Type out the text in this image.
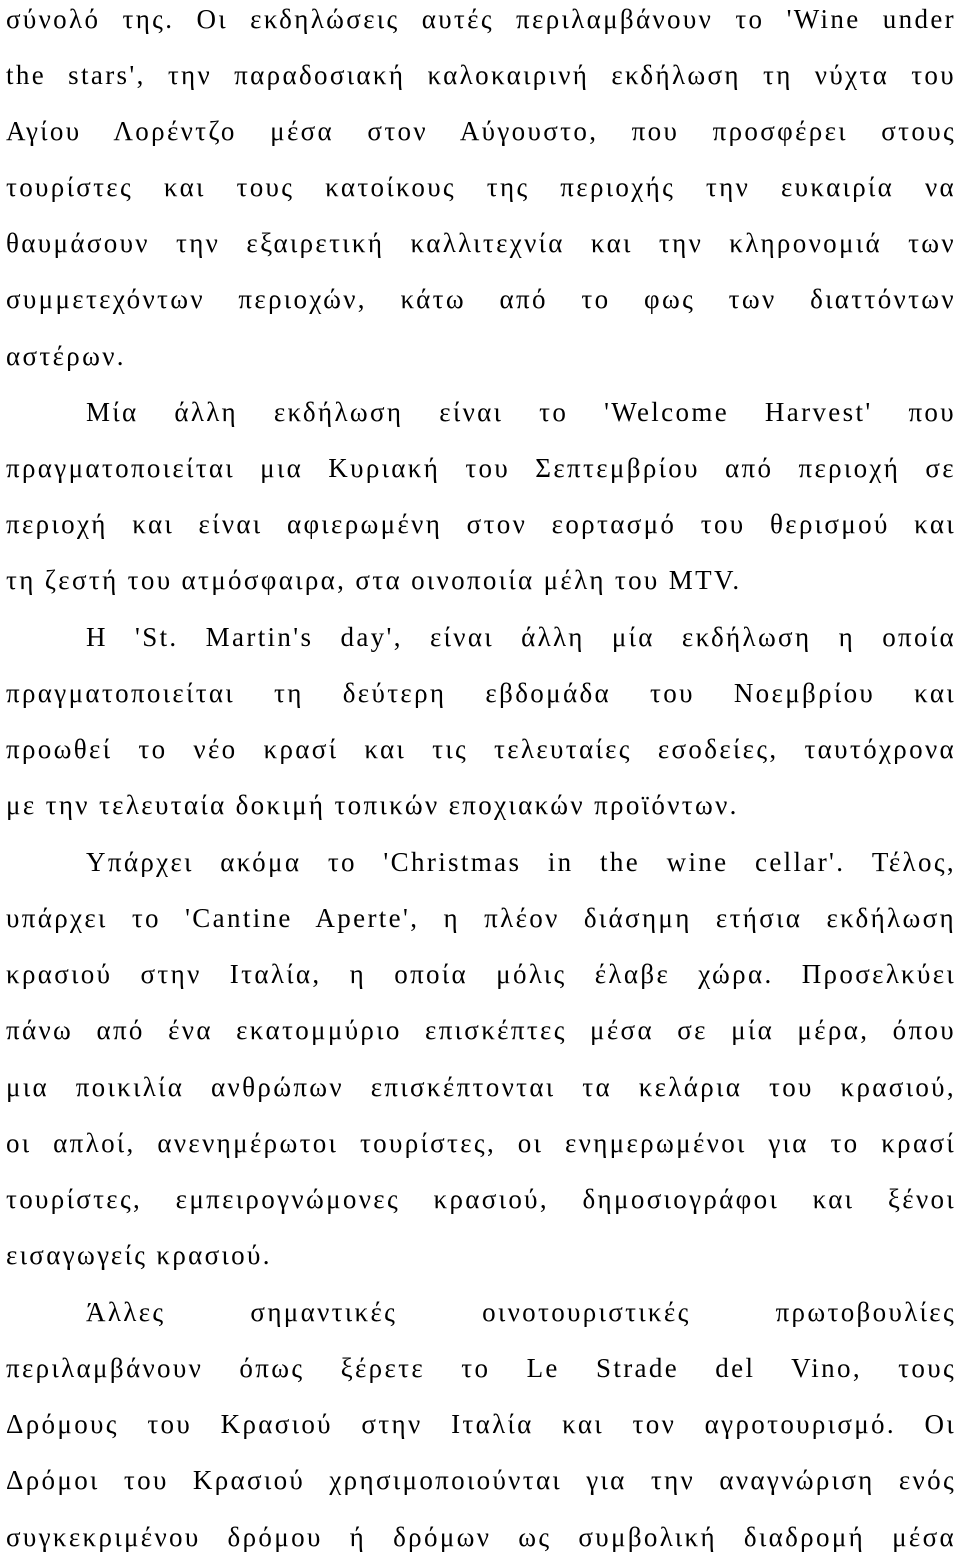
σύνολό της. Οι εκδηλώσεις αυτές περιλαμβάνουν το 'Wine under
the stars', την παραδοσιακή καλοκαιρινή εκδήλωση τη νύχτα του
Αγίου Λορέντζο μέσα στον Αύγουστο, που προσφέρει στους
τουρίστες και τους κατοίκους της περιοχής την ευκαιρία να
θαυμάσουν την εξαιρετική καλλιτεχνία και την κληρονομιά των
συμμετεχόντων περιοχών, κάτω από το φως των διαττόντων
αστέρων.
Μία άλλη εκδήλωση είναι το 'Welcome Harvest' που
πραγματοποιείται μια Κυριακή του Σεπτεμβρίου από περιοχή σε
περιοχή και είναι αφιερωμένη στον εορτασμό του θερισμού και
τη ζεστή του ατμόσφαιρα, στα οινοποιία μέλη του MTV.
Η 'St. Martin's day', είναι άλλη μία εκδήλωση η οποία
πραγματοποιείται τη δεύτερη εβδομάδα του Νοεμβρίου και
προωθεί το νέο κρασί και τις τελευταίες εσοδείες, ταυτόχρονα
με την τελευταία δοκιμή τοπικών εποχιακών προϊόντων.
Υπάρχει ακόμα το 'Christmas in the wine cellar'. Τέλος,
υπάρχει το 'Cantine Aperte', η πλέον διάσημη ετήσια εκδήλωση
κρασιού στην Ιταλία, η οποία μόλις έλαβε χώρα. Προσελκύει
πάνω από ένα εκατομμύριο επισκέπτες μέσα σε μία μέρα, όπου
μια ποικιλία ανθρώπων επισκέπτονται τα κελάρια του κρασιού,
οι απλοί, ανενημέρωτοι τουρίστες, οι ενημερωμένοι για το κρασί
τουρίστες, εμπειρογνώμονες κρασιού, δημοσιογράφοι και ξένοι
εισαγωγείς κρασιού.
Άλλες σημαντικές οινοτουριστικές πρωτοβουλίες
περιλαμβάνουν όπως ξέρετε το Le Strade del Vino, τους
Δρόμους του Κρασιού στην Ιταλία και τον αγροτουρισμό. Οι
Δρόμοι του Κρασιού χρησιμοποιούνται για την αναγνώριση ενός
συγκεκριμένου δρόμου ή δρόμων ως συμβολική διαδρομή μέσα
